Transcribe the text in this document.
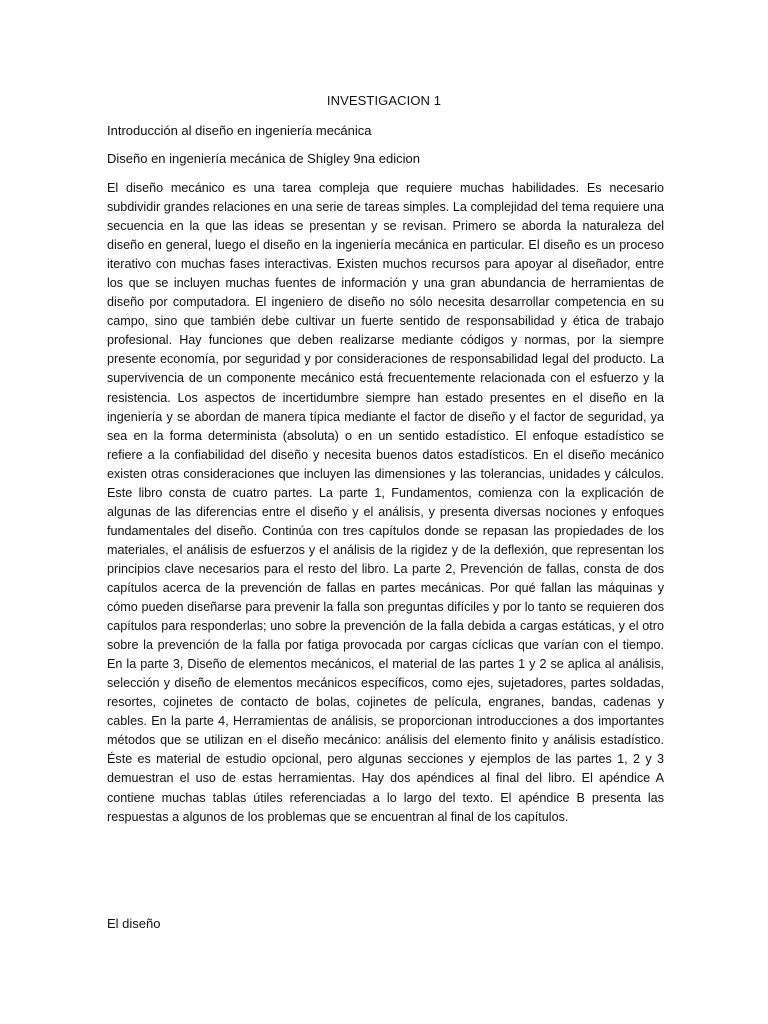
INVESTIGACION 1
Introducción al diseño en ingeniería mecánica
Diseño en ingeniería mecánica de Shigley 9na edicion
El diseño mecánico es una tarea compleja que requiere muchas habilidades. Es necesario subdividir grandes relaciones en una serie de tareas simples. La complejidad del tema requiere una secuencia en la que las ideas se presentan y se revisan. Primero se aborda la naturaleza del diseño en general, luego el diseño en la ingeniería mecánica en particular. El diseño es un proceso iterativo con muchas fases interactivas. Existen muchos recursos para apoyar al diseñador, entre los que se incluyen muchas fuentes de información y una gran abundancia de herramientas de diseño por computadora. El ingeniero de diseño no sólo necesita desarrollar competencia en su campo, sino que también debe cultivar un fuerte sentido de responsabilidad y ética de trabajo profesional. Hay funciones que deben realizarse mediante códigos y normas, por la siempre presente economía, por seguridad y por consideraciones de responsabilidad legal del producto. La supervivencia de un componente mecánico está frecuentemente relacionada con el esfuerzo y la resistencia. Los aspectos de incertidumbre siempre han estado presentes en el diseño en la ingeniería y se abordan de manera típica mediante el factor de diseño y el factor de seguridad, ya sea en la forma determinista (absoluta) o en un sentido estadístico. El enfoque estadístico se refiere a la confiabilidad del diseño y necesita buenos datos estadísticos. En el diseño mecánico existen otras consideraciones que incluyen las dimensiones y las tolerancias, unidades y cálculos. Este libro consta de cuatro partes. La parte 1, Fundamentos, comienza con la explicación de algunas de las diferencias entre el diseño y el análisis, y presenta diversas nociones y enfoques fundamentales del diseño. Continúa con tres capítulos donde se repasan las propiedades de los materiales, el análisis de esfuerzos y el análisis de la rigidez y de la deflexión, que representan los principios clave necesarios para el resto del libro. La parte 2, Prevención de fallas, consta de dos capítulos acerca de la prevención de fallas en partes mecánicas. Por qué fallan las máquinas y cómo pueden diseñarse para prevenir la falla son preguntas difíciles y por lo tanto se requieren dos capítulos para responderlas; uno sobre la prevención de la falla debida a cargas estáticas, y el otro sobre la prevención de la falla por fatiga provocada por cargas cíclicas que varían con el tiempo. En la parte 3, Diseño de elementos mecánicos, el material de las partes 1 y 2 se aplica al análisis, selección y diseño de elementos mecánicos específicos, como ejes, sujetadores, partes soldadas, resortes, cojinetes de contacto de bolas, cojinetes de película, engranes, bandas, cadenas y cables. En la parte 4, Herramientas de análisis, se proporcionan introducciones a dos importantes métodos que se utilizan en el diseño mecánico: análisis del elemento finito y análisis estadístico. Éste es material de estudio opcional, pero algunas secciones y ejemplos de las partes 1, 2 y 3 demuestran el uso de estas herramientas. Hay dos apéndices al final del libro. El apéndice A contiene muchas tablas útiles referenciadas a lo largo del texto. El apéndice B presenta las respuestas a algunos de los problemas que se encuentran al final de los capítulos.
El diseño
